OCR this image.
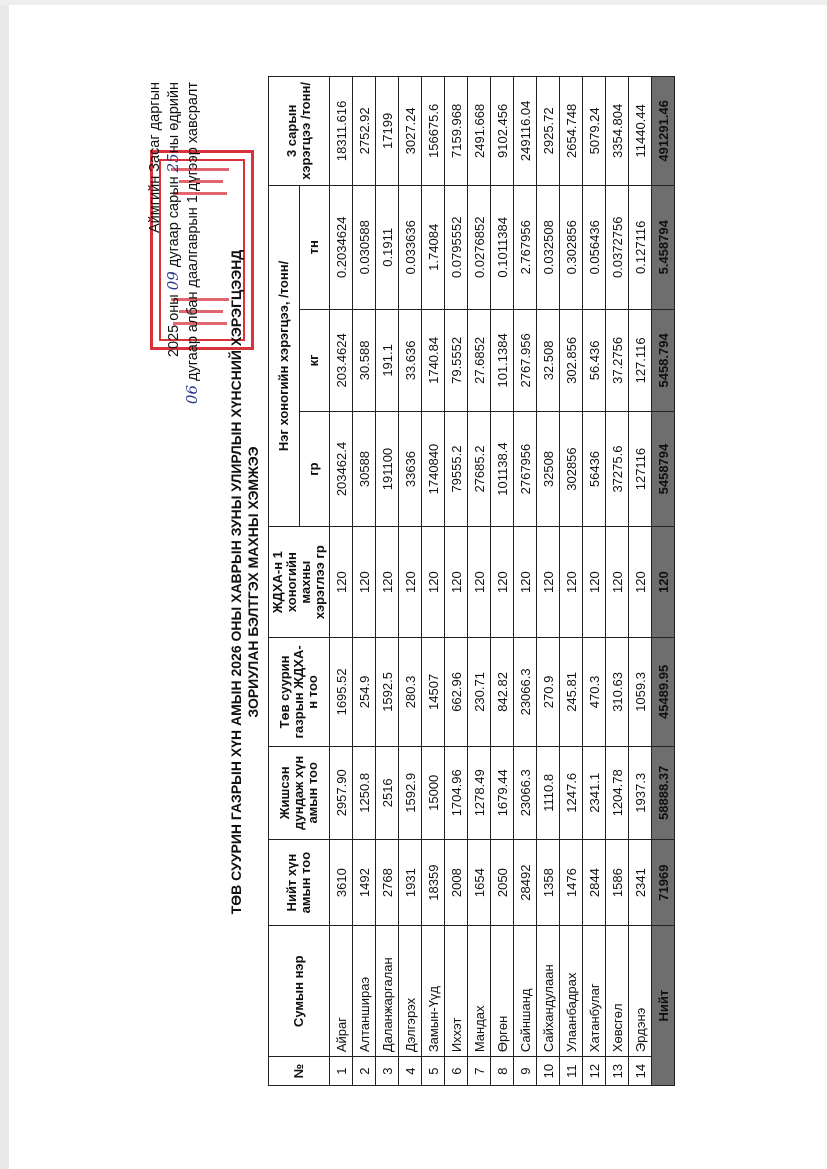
Аймгийн Засаг даргын
2025 оны 09 дугаар сарын 25ны өдрийн
06 дугаар албан даалгаврын 1 дүгээр хавсралт
ТӨВ СУУРИН ГАЗРЫН ХҮН АМЫН 2026 ОНЫ ХАВРЫН ЗУНЫ УЛИРЛЫН ХҮНСНИЙ ХЭРЭГЦЭЭНД ЗОРИУЛАН БЭЛТГЭХ МАХНЫ ХЭМЖЭЭ
№	Сумын нэр	Нийт хүн амын тоо	Жишсэн дундаж хүн амын тоо	Төв суурин газрын ЖДХА-н тоо	ЖДХА-н 1 хоногийн махны хэрэглээ гр	Нэг хоногийн хэрэгцээ, /тонн/			3 сарын хэрэгцээ /тонн/
						гр	кг	тн	
1	Айраг	3610	2957.90	1695.52	120	203462.4	203.4624	0.2034624	18311.616
2	Алтаншираэ	1492	1250.8	254.9	120	30588	30.588	0.030588	2752.92
3	Даланжаргалан	2768	2516	1592.5	120	191100	191.1	0.1911	17199
4	Дэлгэрэх	1931	1592.9	280.3	120	33636	33.636	0.033636	3027.24
5	Замын-Үүд	18359	15000	14507	120	1740840	1740.84	1.74084	156675.6
6	Иххэт	2008	1704.96	662.96	120	79555.2	79.5552	0.0795552	7159.968
7	Мандах	1654	1278.49	230.71	120	27685.2	27.6852	0.0276852	2491.668
8	Өргөн	2050	1679.44	842.82	120	101138.4	101.1384	0.1011384	9102.456
9	Сайншанд	28492	23066.3	23066.3	120	2767956	2767.956	2.767956	249116.04
10	Сайхандулаан	1358	1110.8	270.9	120	32508	32.508	0.032508	2925.72
11	Улаанбадрах	1476	1247.6	245.81	120	302856	302.856	0.302856	2654.748
12	Хатанбулаг	2844	2341.1	470.3	120	56436	56.436	0.056436	5079.24
13	Хөвсгөл	1586	1204.78	310.63	120	37275.6	37.2756	0.0372756	3354.804
14	Эрдэнэ	2341	1937.3	1059.3	120	127116	127.116	0.127116	11440.44
Нийт		71969	58888.37	45489.95	120	5458794	5458.794	5.458794	491291.46
